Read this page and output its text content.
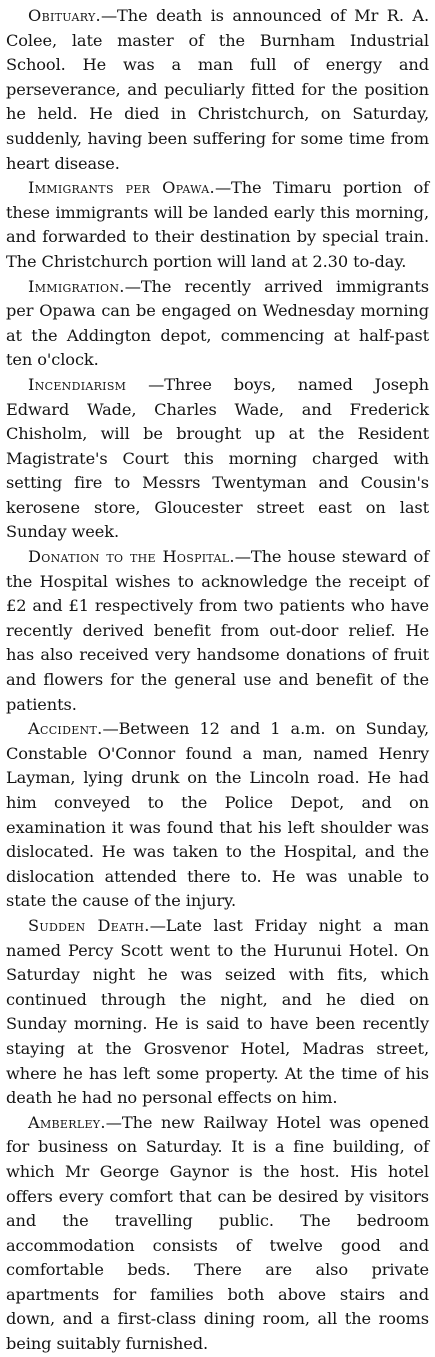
Obituary.—The death is announced of Mr R. A. Colee, late master of the Burnham Industrial School. He was a man full of energy and perseverance, and peculiarly fitted for the position he held. He died in Christchurch, on Saturday, suddenly, having been suffering for some time from heart disease.

Immigrants per Opawa.—The Timaru portion of these immigrants will be landed early this morning, and forwarded to their destination by special train. The Christchurch portion will land at 2.30 to-day.

Immigration.—The recently arrived immigrants per Opawa can be engaged on Wednesday morning at the Addington depot, commencing at half-past ten o'clock.

Incendiarism —Three boys, named Joseph Edward Wade, Charles Wade, and Frederick Chisholm, will be brought up at the Resident Magistrate's Court this morning charged with setting fire to Messrs Twentyman and Cousin's kerosene store, Gloucester street east on last Sunday week.

Donation to the Hospital.—The house steward of the Hospital wishes to acknowledge the receipt of £2 and £1 respectively from two patients who have recently derived benefit from out-door relief. He has also received very handsome donations of fruit and flowers for the general use and benefit of the patients.

Accident.—Between 12 and 1 a.m. on Sunday, Constable O'Connor found a man, named Henry Layman, lying drunk on the Lincoln road. He had him conveyed to the Police Depot, and on examination it was found that his left shoulder was dislocated. He was taken to the Hospital, and the dislocation attended there to. He was unable to state the cause of the injury.

Sudden Death.—Late last Friday night a man named Percy Scott went to the Hurunui Hotel. On Saturday night he was seized with fits, which continued through the night, and he died on Sunday morning. He is said to have been recently staying at the Grosvenor Hotel, Madras street, where he has left some property. At the time of his death he had no personal effects on him.

Amberley.—The new Railway Hotel was opened for business on Saturday. It is a fine building, of which Mr George Gaynor is the host. His hotel offers every comfort that can be desired by visitors and the travelling public. The bedroom accommodation consists of twelve good and comfortable beds. There are also private apartments for families both above stairs and down, and a first-class dining room, all the rooms being suitably furnished.
